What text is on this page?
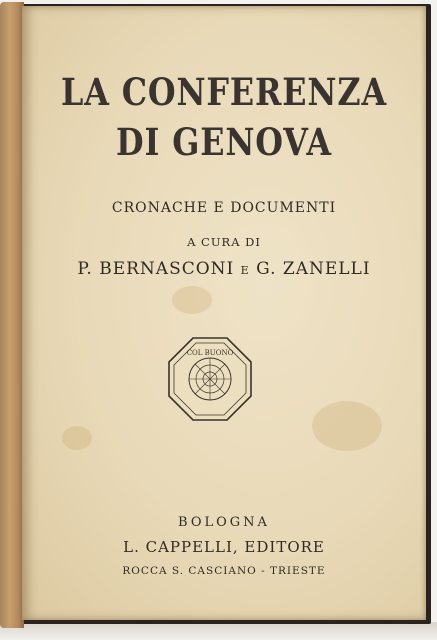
LA CONFERENZA
DI GENOVA
CRONACHE E DOCUMENTI
A CURA DI
P. BERNASCONI E G. ZANELLI
COL BUONO
BOLOGNA
L. CAPPELLI, EDITORE
ROCCA S. CASCIANO - TRIESTE
